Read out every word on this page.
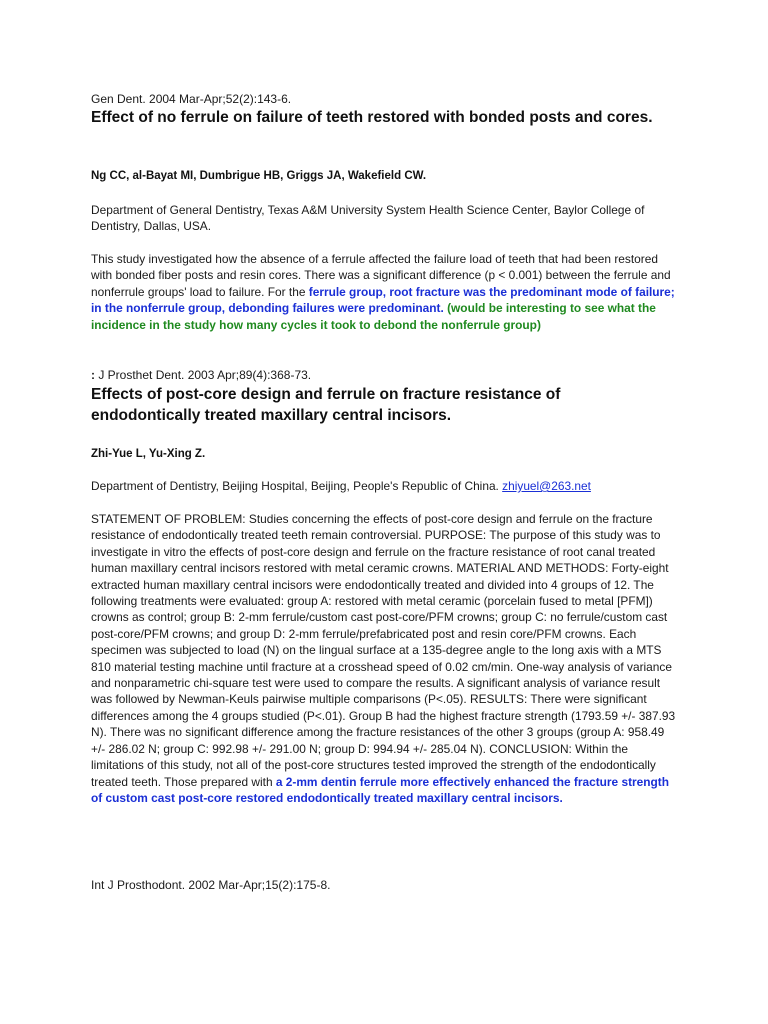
Gen Dent. 2004 Mar-Apr;52(2):143-6.
Effect of no ferrule on failure of teeth restored with bonded posts and cores.
Ng CC, al-Bayat MI, Dumbrigue HB, Griggs JA, Wakefield CW.
Department of General Dentistry, Texas A&M University System Health Science Center, Baylor College of Dentistry, Dallas, USA.
This study investigated how the absence of a ferrule affected the failure load of teeth that had been restored with bonded fiber posts and resin cores. There was a significant difference (p < 0.001) between the ferrule and nonferrule groups' load to failure. For the ferrule group, root fracture was the predominant mode of failure; in the nonferrule group, debonding failures were predominant. (would be interesting to see what the incidence in the study how many cycles it took to debond the nonferrule group)
: J Prosthet Dent. 2003 Apr;89(4):368-73.
Effects of post-core design and ferrule on fracture resistance of endodontically treated maxillary central incisors.
Zhi-Yue L, Yu-Xing Z.
Department of Dentistry, Beijing Hospital, Beijing, People's Republic of China. zhiyuel@263.net
STATEMENT OF PROBLEM: Studies concerning the effects of post-core design and ferrule on the fracture resistance of endodontically treated teeth remain controversial. PURPOSE: The purpose of this study was to investigate in vitro the effects of post-core design and ferrule on the fracture resistance of root canal treated human maxillary central incisors restored with metal ceramic crowns. MATERIAL AND METHODS: Forty-eight extracted human maxillary central incisors were endodontically treated and divided into 4 groups of 12. The following treatments were evaluated: group A: restored with metal ceramic (porcelain fused to metal [PFM]) crowns as control; group B: 2-mm ferrule/custom cast post-core/PFM crowns; group C: no ferrule/custom cast post-core/PFM crowns; and group D: 2-mm ferrule/prefabricated post and resin core/PFM crowns. Each specimen was subjected to load (N) on the lingual surface at a 135-degree angle to the long axis with a MTS 810 material testing machine until fracture at a crosshead speed of 0.02 cm/min. One-way analysis of variance and nonparametric chi-square test were used to compare the results. A significant analysis of variance result was followed by Newman-Keuls pairwise multiple comparisons (P<.05). RESULTS: There were significant differences among the 4 groups studied (P<.01). Group B had the highest fracture strength (1793.59 +/- 387.93 N). There was no significant difference among the fracture resistances of the other 3 groups (group A: 958.49 +/- 286.02 N; group C: 992.98 +/- 291.00 N; group D: 994.94 +/- 285.04 N). CONCLUSION: Within the limitations of this study, not all of the post-core structures tested improved the strength of the endodontically treated teeth. Those prepared with a 2-mm dentin ferrule more effectively enhanced the fracture strength of custom cast post-core restored endodontically treated maxillary central incisors.
Int J Prosthodont. 2002 Mar-Apr;15(2):175-8.
